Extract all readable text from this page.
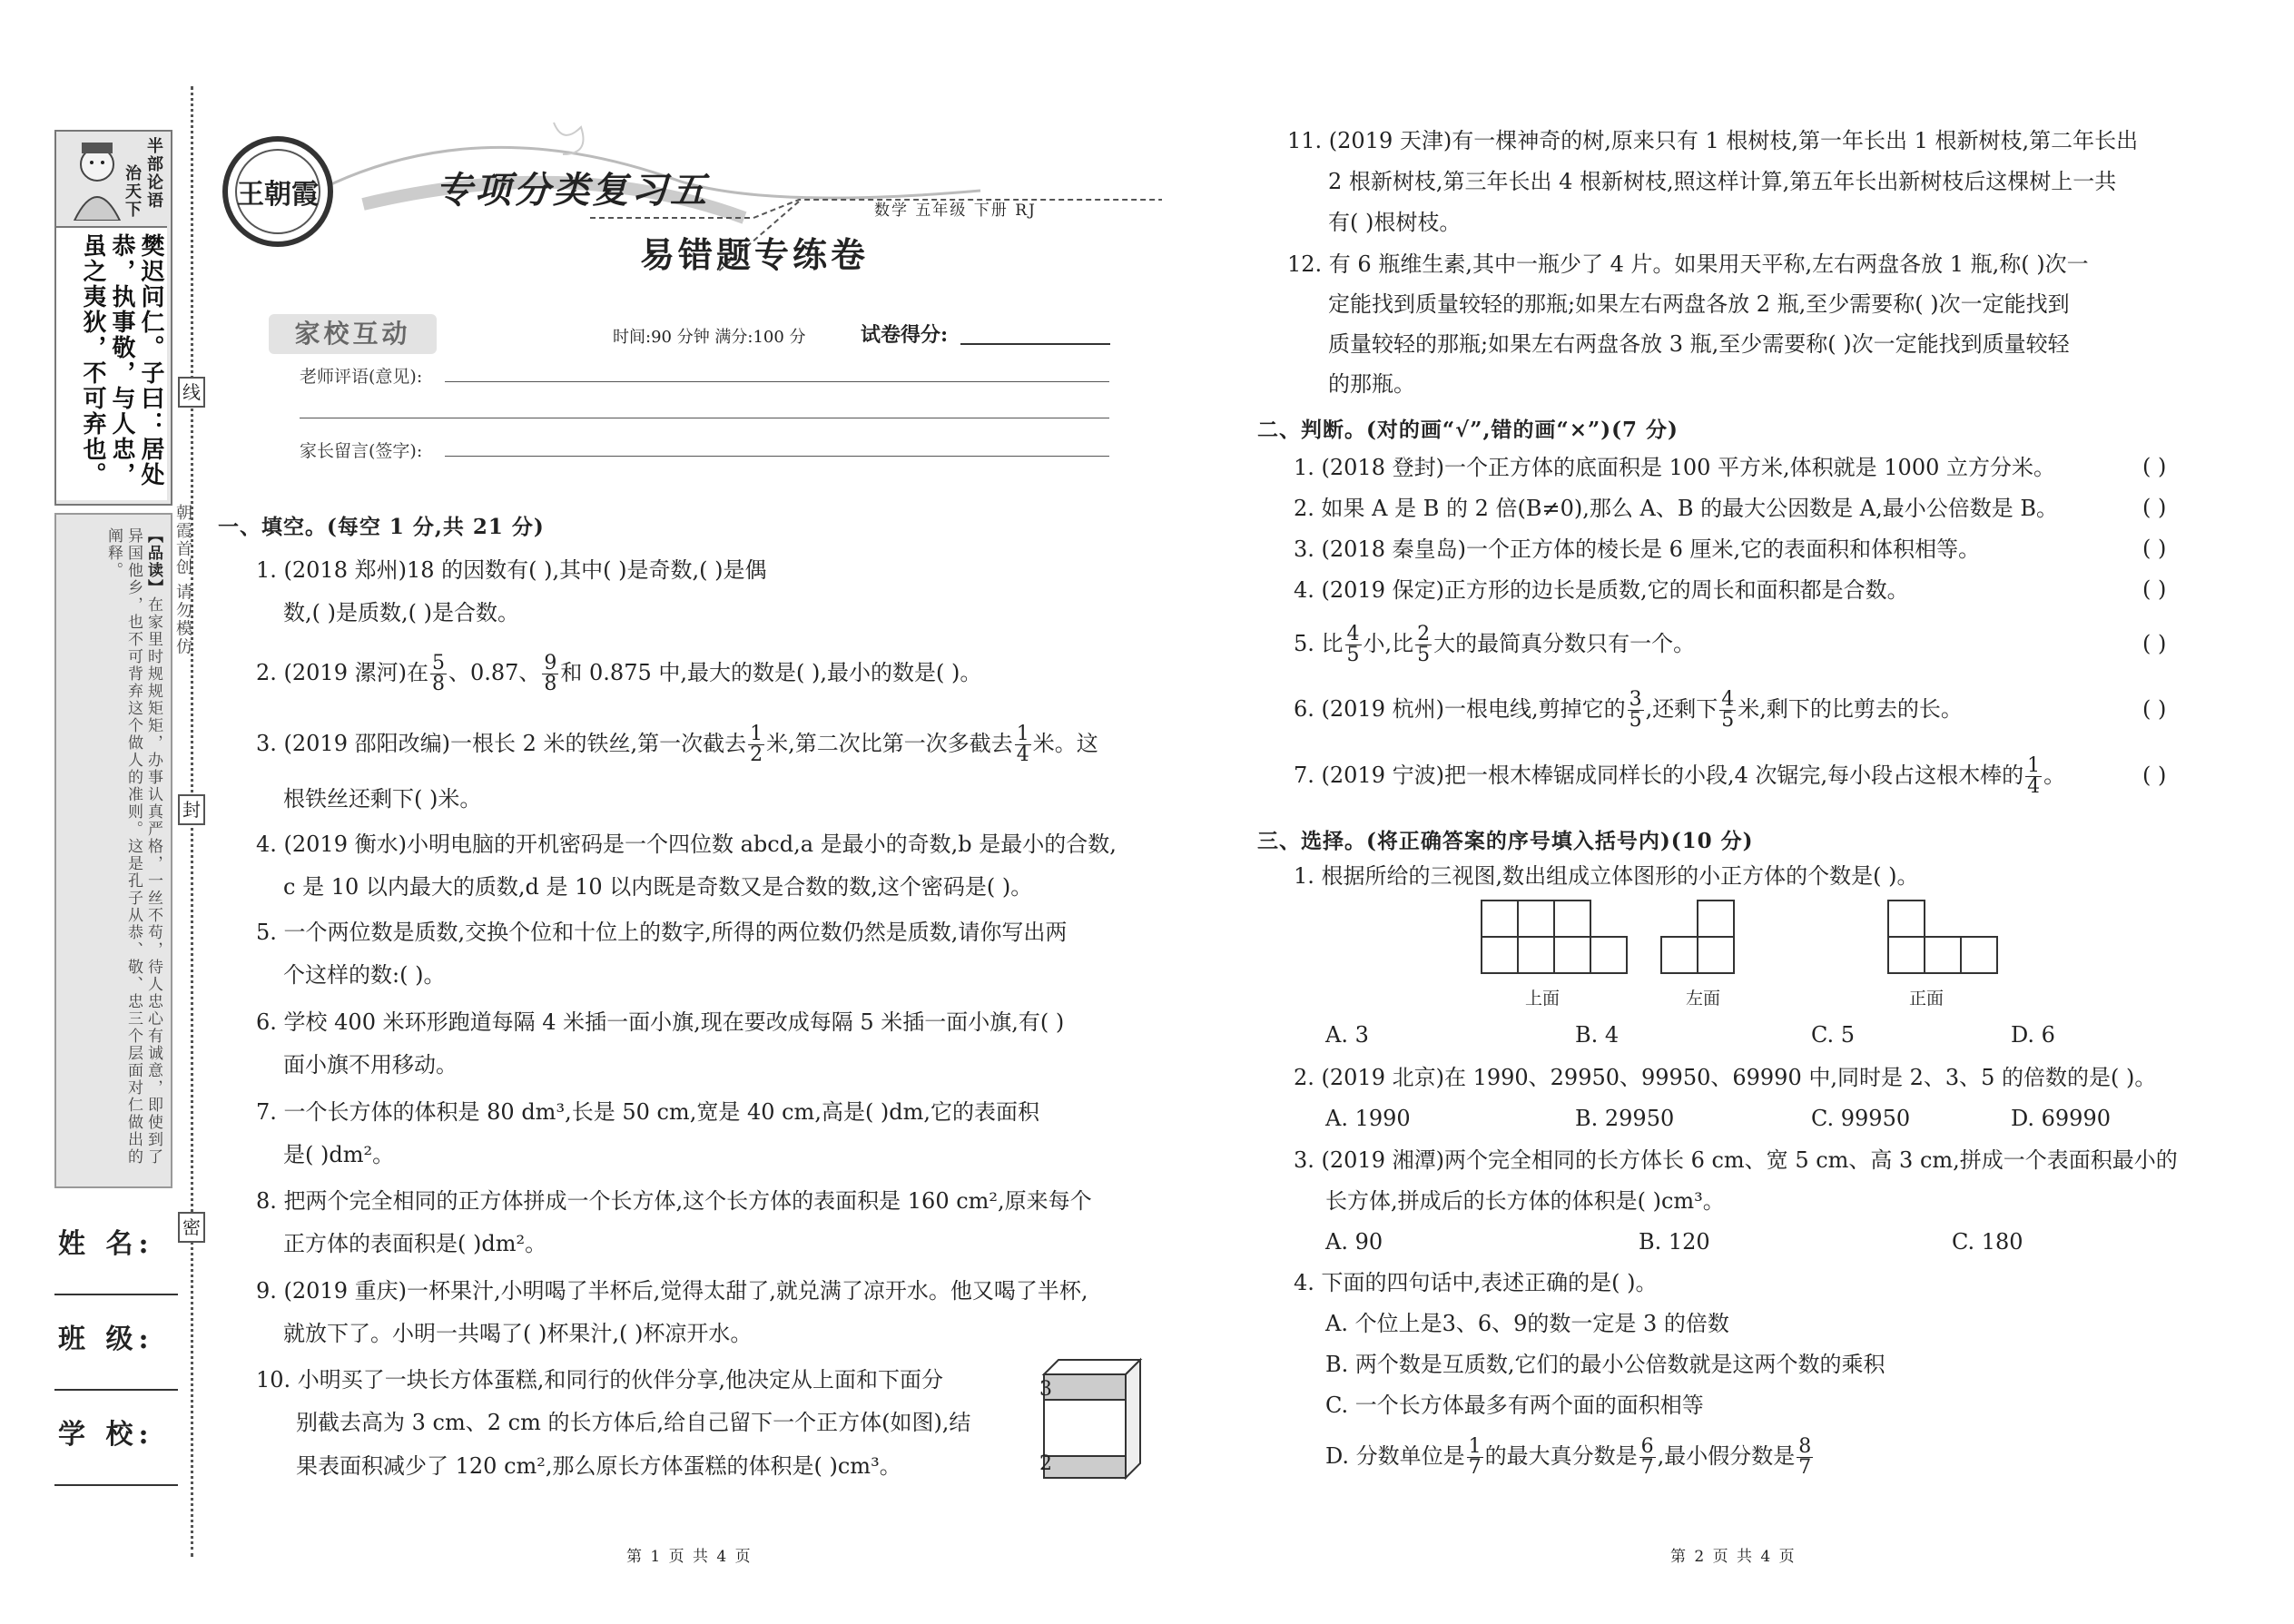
半部论语
治天下
樊迟问仁。子曰：居处恭，执事敬，与人忠，虽之夷狄，不可弃也。
【品读】在家里时规规矩矩，办事认真严格，一丝不苟，待人忠心有诚意，即使到了异国他乡，也不可背弃这个做人的准则。这是孔子从恭、敬、忠三个层面对仁做出的阐释。
线
封
密
朝霞首创 请勿模仿
姓 名:
班 级:
学 校:
王朝霞	专项分类复习五
易错题专练卷
数学 五年级 下册 RJ
家校互动	时间:90 分钟 满分:100 分	试卷得分:
老师评语(意见):
家长留言(签字):
一、填空。(每空 1 分,共 21 分)
1. (2018 郑州)18 的因数有( ),其中( )是奇数,( )是偶
数,( )是质数,( )是合数。
2. (2019 漯河)在 $\frac{5}{8}$ 、0.87、 $\frac{9}{8}$ 和 0.875 中,最大的数是( ),最小的数是( )。
3. (2019 邵阳改编)一根长 2 米的铁丝,第一次截去 $\frac{1}{2}$ 米,第二次比第一次多截去 $\frac{1}{4}$ 米。这
根铁丝还剩下( )米。
4. (2019 衡水)小明电脑的开机密码是一个四位数 abcd,a 是最小的奇数,b 是最小的合数,
c 是 10 以内最大的质数,d 是 10 以内既是奇数又是合数的数,这个密码是( )。
5. 一个两位数是质数,交换个位和十位上的数字,所得的两位数仍然是质数,请你写出两
个这样的数:( )。
6. 学校 400 米环形跑道每隔 4 米插一面小旗,现在要改成每隔 5 米插一面小旗,有( )
面小旗不用移动。
7. 一个长方体的体积是 80 dm³,长是 50 cm,宽是 40 cm,高是( )dm,它的表面积
是( )dm²。
8. 把两个完全相同的正方体拼成一个长方体,这个长方体的表面积是 160 cm²,原来每个
正方体的表面积是( )dm²。
9. (2019 重庆)一杯果汁,小明喝了半杯后,觉得太甜了,就兑满了凉开水。他又喝了半杯,
就放下了。小明一共喝了( )杯果汁,( )杯凉开水。
10. 小明买了一块长方体蛋糕,和同行的伙伴分享,他决定从上面和下面分
别截去高为 3 cm、2 cm 的长方体后,给自己留下一个正方体(如图),结
果表面积减少了 120 cm²,那么原长方体蛋糕的体积是( )cm³。
3
2
第 1 页 共 4 页
11. (2019 天津)有一棵神奇的树,原来只有 1 根树枝,第一年长出 1 根新树枝,第二年长出
2 根新树枝,第三年长出 4 根新树枝,照这样计算,第五年长出新树枝后这棵树上一共
有( )根树枝。
12. 有 6 瓶维生素,其中一瓶少了 4 片。如果用天平称,左右两盘各放 1 瓶,称( )次一
定能找到质量较轻的那瓶;如果左右两盘各放 2 瓶,至少需要称( )次一定能找到
质量较轻的那瓶;如果左右两盘各放 3 瓶,至少需要称( )次一定能找到质量较轻
的那瓶。
二、判断。(对的画“√”,错的画“×”)(7 分)
1. (2018 登封)一个正方体的底面积是 100 平方米,体积就是 1000 立方分米。	( )
2. 如果 A 是 B 的 2 倍(B≠0),那么 A、B 的最大公因数是 A,最小公倍数是 B。	( )
3. (2018 秦皇岛)一个正方体的棱长是 6 厘米,它的表面积和体积相等。	( )
4. (2019 保定)正方形的边长是质数,它的周长和面积都是合数。	( )
5. 比 $\frac{4}{5}$ 小,比 $\frac{2}{5}$ 大的最简真分数只有一个。	( )
6. (2019 杭州)一根电线,剪掉它的 $\frac{3}{5}$ ,还剩下 $\frac{4}{5}$ 米,剩下的比剪去的长。	( )
7. (2019 宁波)把一根木棒锯成同样长的小段,4 次锯完,每小段占这根木棒的 $\frac{1}{4}$ 。	( )
三、选择。(将正确答案的序号填入括号内)(10 分)
1. 根据所给的三视图,数出组成立体图形的小正方体的个数是( )。
上面	左面	正面
A. 3	B. 4	C. 5	D. 6
2. (2019 北京)在 1990、29950、99950、69990 中,同时是 2、3、5 的倍数的是( )。
A. 1990	B. 29950	C. 99950	D. 69990
3. (2019 湘潭)两个完全相同的长方体长 6 cm、宽 5 cm、高 3 cm,拼成一个表面积最小的
长方体,拼成后的长方体的体积是( )cm³。
A. 90	B. 120	C. 180
4. 下面的四句话中,表述正确的是( )。
A. 个位上是3、6、9的数一定是 3 的倍数
B. 两个数是互质数,它们的最小公倍数就是这两个数的乘积
C. 一个长方体最多有两个面的面积相等
D. 分数单位是 $\frac{1}{7}$ 的最大真分数是 $\frac{6}{7}$ ,最小假分数是 $\frac{8}{7}$
第 2 页 共 4 页
